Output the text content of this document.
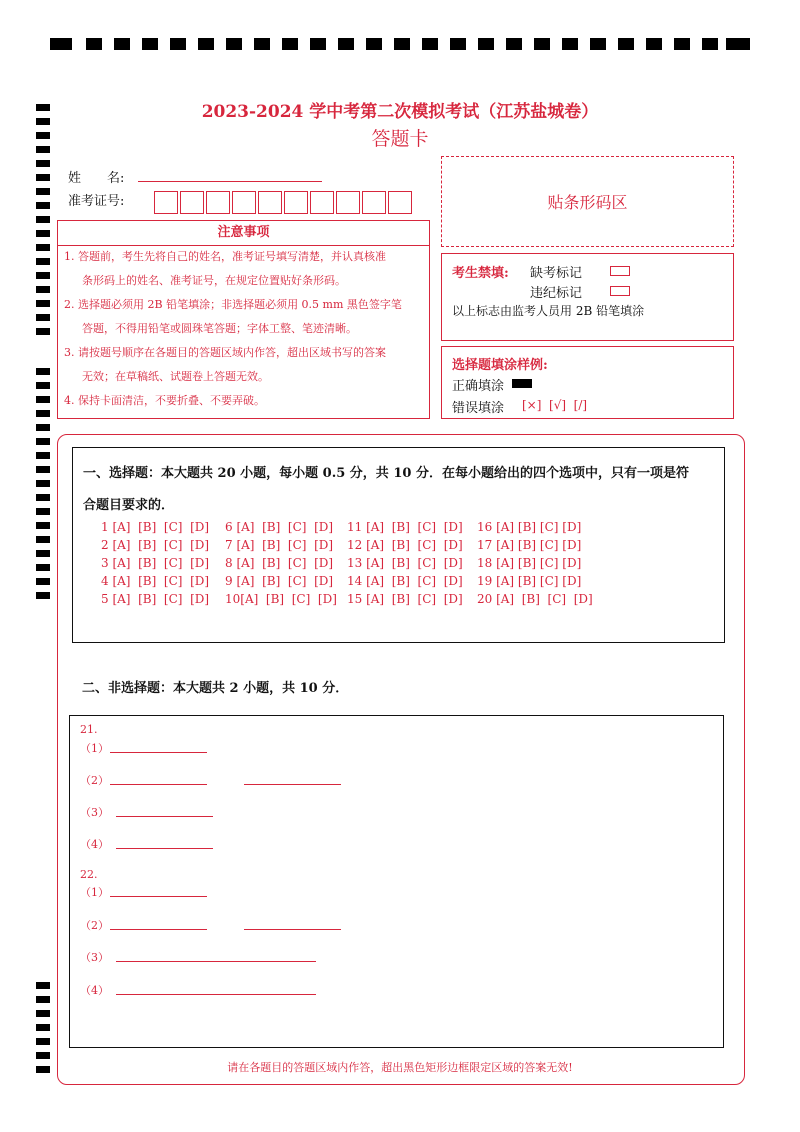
2023-2024 学中考第二次模拟考试（江苏盐城卷）
答题卡
姓　　名:
准考证号:	贴条形码区
注意事项
1. 答题前，考生先将自己的姓名，准考证号填写清楚，并认真核准
条形码上的姓名、准考证号，在规定位置贴好条形码。
2. 选择题必须用 2B 铅笔填涂；非选择题必须用 0.5 mm 黑色签字笔
答题，不得用铅笔或圆珠笔答题；字体工整、笔迹清晰。
3. 请按题号顺序在各题目的答题区域内作答，超出区域书写的答案
无效；在草稿纸、试题卷上答题无效。
4. 保持卡面清洁，不要折叠、不要弄破。
考生禁填: 缺考标记
违纪标记
以上标志由监考人员用 2B 铅笔填涂
选择题填涂样例:
正确填涂
错误填涂 [×]  [√]  [/]
一、选择题：本大题共 20 小题，每小题 0.5 分，共 10 分．在每小题给出的四个选项中，只有一项是符
合题目要求的．
1 [A]  [B]  [C]  [D] 6 [A]  [B]  [C]  [D] 11 [A]  [B]  [C]  [D] 16 [A] [B] [C] [D]
2 [A]  [B]  [C]  [D] 7 [A]  [B]  [C]  [D] 12 [A]  [B]  [C]  [D] 17 [A] [B] [C] [D]
3 [A]  [B]  [C]  [D] 8 [A]  [B]  [C]  [D] 13 [A]  [B]  [C]  [D] 18 [A] [B] [C] [D]
4 [A]  [B]  [C]  [D] 9 [A]  [B]  [C]  [D] 14 [A]  [B]  [C]  [D] 19 [A] [B] [C] [D]
5 [A]  [B]  [C]  [D] 10[A]  [B]  [C]  [D] 15 [A]  [B]  [C]  [D] 20 [A]  [B]  [C]  [D]
二、非选择题：本大题共 2 小题，共 10 分．
21.
（1）
（2）
（3）
（4）
22.
（1）
（2）
（3）
（4）
请在各题目的答题区域内作答，超出黑色矩形边框限定区域的答案无效!
